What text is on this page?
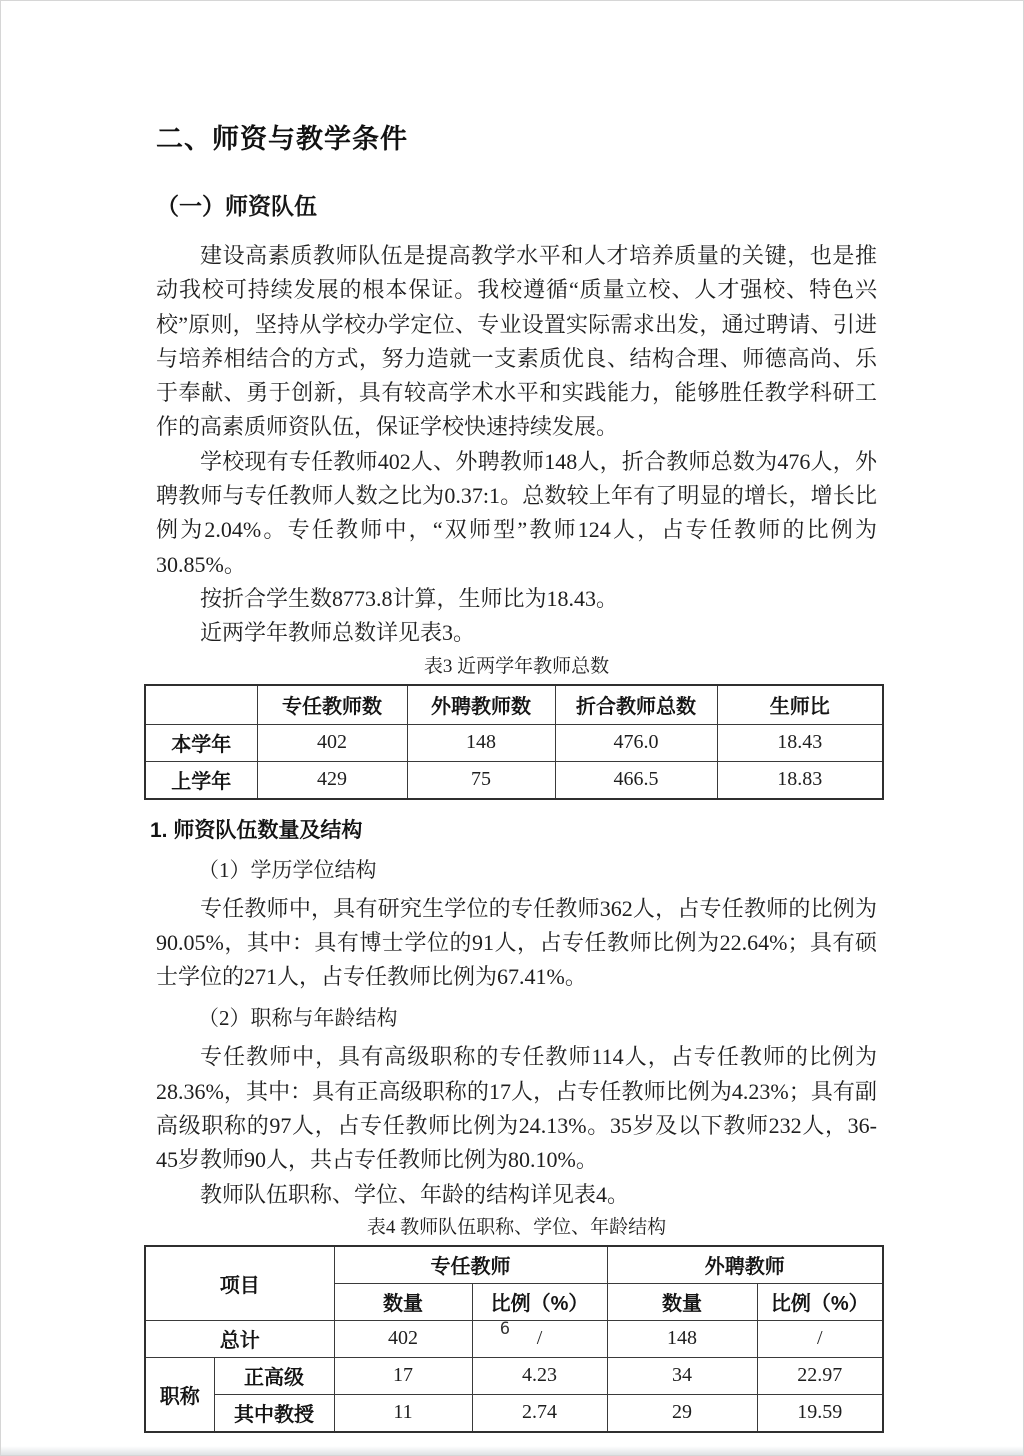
二、师资与教学条件
（一）师资队伍

建设高素质教师队伍是提高教学水平和人才培养质量的关键，也是推动我校可持续发展的根本保证。我校遵循“质量立校、人才强校、特色兴校”原则，坚持从学校办学定位、专业设置实际需求出发，通过聘请、引进与培养相结合的方式，努力造就一支素质优良、结构合理、师德高尚、乐于奉献、勇于创新，具有较高学术水平和实践能力，能够胜任教学科研工作的高素质师资队伍，保证学校快速持续发展。

学校现有专任教师402人、外聘教师148人，折合教师总数为476人，外聘教师与专任教师人数之比为0.37:1。总数较上年有了明显的增长，增长比例为2.04%。专任教师中，“双师型”教师124人，占专任教师的比例为30.85%。

按折合学生数8773.8计算，生师比为18.43。

近两学年教师总数详见表3。

表3 近两学年教师总数
	专任教师数	外聘教师数	折合教师总数	生师比
本学年	402	148	476.0	18.43
上学年	429	75	466.5	18.83
1. 师资队伍数量及结构
（1）学历学位结构

专任教师中，具有研究生学位的专任教师362人，占专任教师的比例为90.05%，其中：具有博士学位的91人，占专任教师比例为22.64%；具有硕士学位的271人，占专任教师比例为67.41%。

（2）职称与年龄结构

专任教师中，具有高级职称的专任教师114人，占专任教师的比例为28.36%，其中：具有正高级职称的17人，占专任教师比例为4.23%；具有副高级职称的97人，占专任教师比例为24.13%。35岁及以下教师232人，36-45岁教师90人，共占专任教师比例为80.10%。

教师队伍职称、学位、年龄的结构详见表4。

表4 教师队伍职称、学位、年龄结构
项目		专任教师		外聘教师	
		数量	比例（%）	数量	比例（%）
总计		402	/	148	/
职称	正高级	17	4.23	34	22.97
	其中教授	11	2.74	29	19.59
6
